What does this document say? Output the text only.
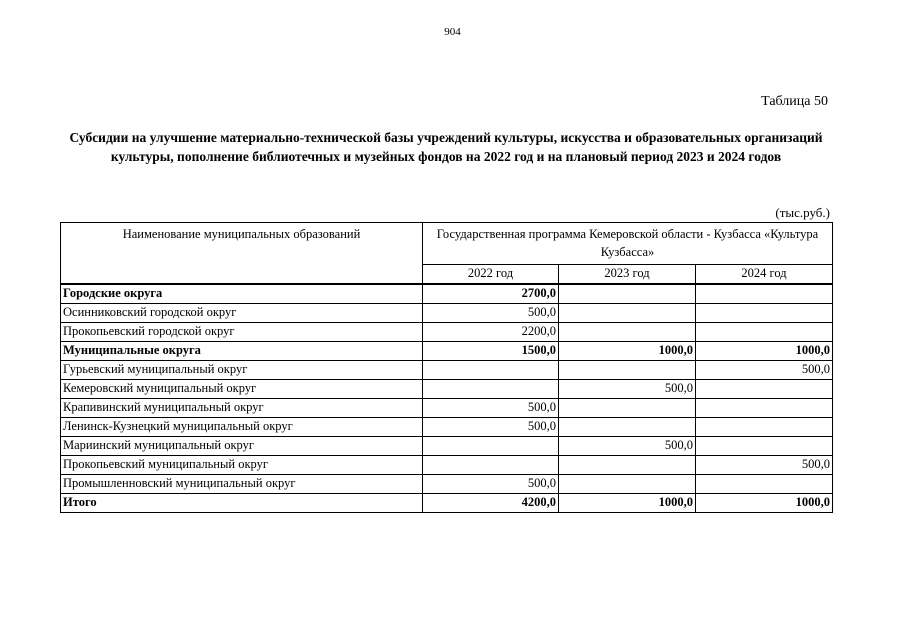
904
Таблица 50
Субсидии на улучшение материально-технической базы учреждений культуры, искусства и образовательных организаций культуры, пополнение библиотечных и музейных фондов на 2022 год и на плановый период 2023 и 2024 годов
(тыс.руб.)
Наименование муниципальных образований	Государственная программа Кемеровской области - Кузбасса «Культура Кузбасса»		
	2022 год	2023 год	2024 год
Городские округа	2700,0		
Осинниковский городской округ	500,0		
Прокопьевский городской округ	2200,0		
Муниципальные округа	1500,0	1000,0	1000,0
Гурьевский муниципальный округ			500,0
Кемеровский муниципальный округ		500,0	
Крапивинский муниципальный округ	500,0		
Ленинск-Кузнецкий муниципальный округ	500,0		
Мариинский муниципальный округ		500,0	
Прокопьевский муниципальный округ			500,0
Промышленновский муниципальный округ	500,0		
Итого	4200,0	1000,0	1000,0
